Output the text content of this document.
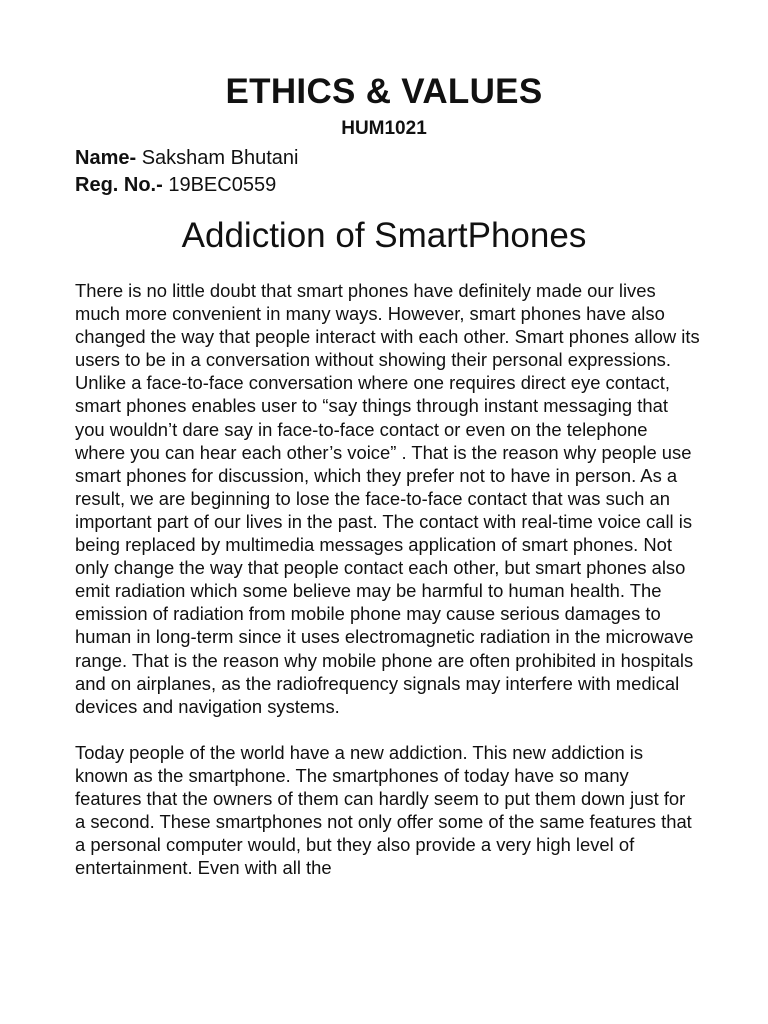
ETHICS & VALUES
HUM1021
Name- Saksham Bhutani
Reg. No.- 19BEC0559
Addiction of SmartPhones

There is no little doubt that smart phones have definitely made our lives much more convenient in many ways. However, smart phones have also changed the way that people interact with each other. Smart phones allow its users to be in a conversation without showing their personal expressions. Unlike a face-to-face conversation where one requires direct eye contact, smart phones enables user to “say things through instant messaging that you wouldn’t dare say in face-to-face contact or even on the telephone where you can hear each other’s voice” . That is the reason why people use smart phones for discussion, which they prefer not to have in person. As a result, we are beginning to lose the face-to-face contact that was such an important part of our lives in the past. The contact with real-time voice call is being replaced by multimedia messages application of smart phones. Not only change the way that people contact each other, but smart phones also emit radiation which some believe may be harmful to human health. The emission of radiation from mobile phone may cause serious damages to human in long-term since it uses electromagnetic radiation in the microwave range. That is the reason why mobile phone are often prohibited in hospitals and on airplanes, as the radiofrequency signals may interfere with medical devices and navigation systems.

Today people of the world have a new addiction. This new addiction is known as the smartphone. The smartphones of today have so many features that the owners of them can hardly seem to put them down just for a second. These smartphones not only offer some of the same features that a personal computer would, but they also provide a very high level of entertainment. Even with all the
